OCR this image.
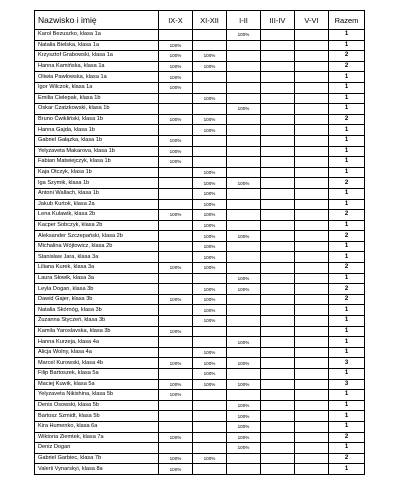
Nazwisko i imię	IX-X	XI-XII	I-II	III-IV	V-VI	Razem
Karol Bezuszko, klasa 1a			100%			1
Natalia Bielska, klasa 1a	100%					1
Krzysztof Grabowski, klasa 1a	100%	100%				2
Hanna Kamińska, klasa 1a	100%	100%				2
Oliwia Pawłowska, klasa 1a	100%					1
Igor Wilczok, klasa 1a	100%					1
Emilia Cielepak, klasa 1b		100%				1
Oskar Czatzkowski, klasa 1b			100%			1
Bruno Ćwikliński, klasa 1b	100%	100%				2
Hanna Gajda, klasa 1b		100%				1
Gabriel Gałązka, klasa 1b	100%					1
Yelyzaveta Makarova, klasa 1b	100%					1
Fabian Matwiejczyk, klasa 1b	100%					1
Kaja Otczyk, klasa 1b		100%				1
Iga Szymik, klasa 1b		100%	100%			2
Antoni Wallach, klasa 1b		100%				1
Jakub Kurtok, klasa 2a		100%				1
Lena Kulawik, klasa 2b	100%	100%				2
Kacper Sobczyk, klasa 2b		100%				1
Aleksander Szczepański, klasa 2b		100%	100%			2
Michalina Wójtowicz, klasa 2b		100%				1
Stanisław Jara, klasa 3a		100%				1
Liliana Kurek, klasa 3a	100%	100%				2
Laura Słowik, klasa 3a			100%			1
Leyla Dogan, klasa 3b		100%	100%			2
Dawid Gajer, klasa 3b	100%	100%				2
Natalia Skórnóg, klasa 3b		100%				1
Żuzanna Styczeń, klasa 3b		100%				1
Kamila Yaroslavska, klasa 3b	100%					1
Hanna Kurzeja, klasa 4a			100%			1
Alicja Wolny, klasa 4a		100%				1
Marcel Kurowski, klasa 4b	100%	100%	100%			3
Filip Bartoszek, klasa 5a		100%				1
Maciej Kuwik, klasa 5a	100%	100%	100%			3
Yelyzaveta Nikishina, klasa 5b	100%					1
Denis Osowski, klasa 5b			100%			1
Bartosz Szmidt, klasa 5b			100%			1
Kira Humenko, klasa 6a			100%			1
Wiktoria Ziemtek, klasa 7a	100%		100%			2
Deniz Dogan			100%			1
Gabriel Garbiec, klasa 7b	100%	100%				2
Valerii Vynarskyi, klasa 8a	100%					1
